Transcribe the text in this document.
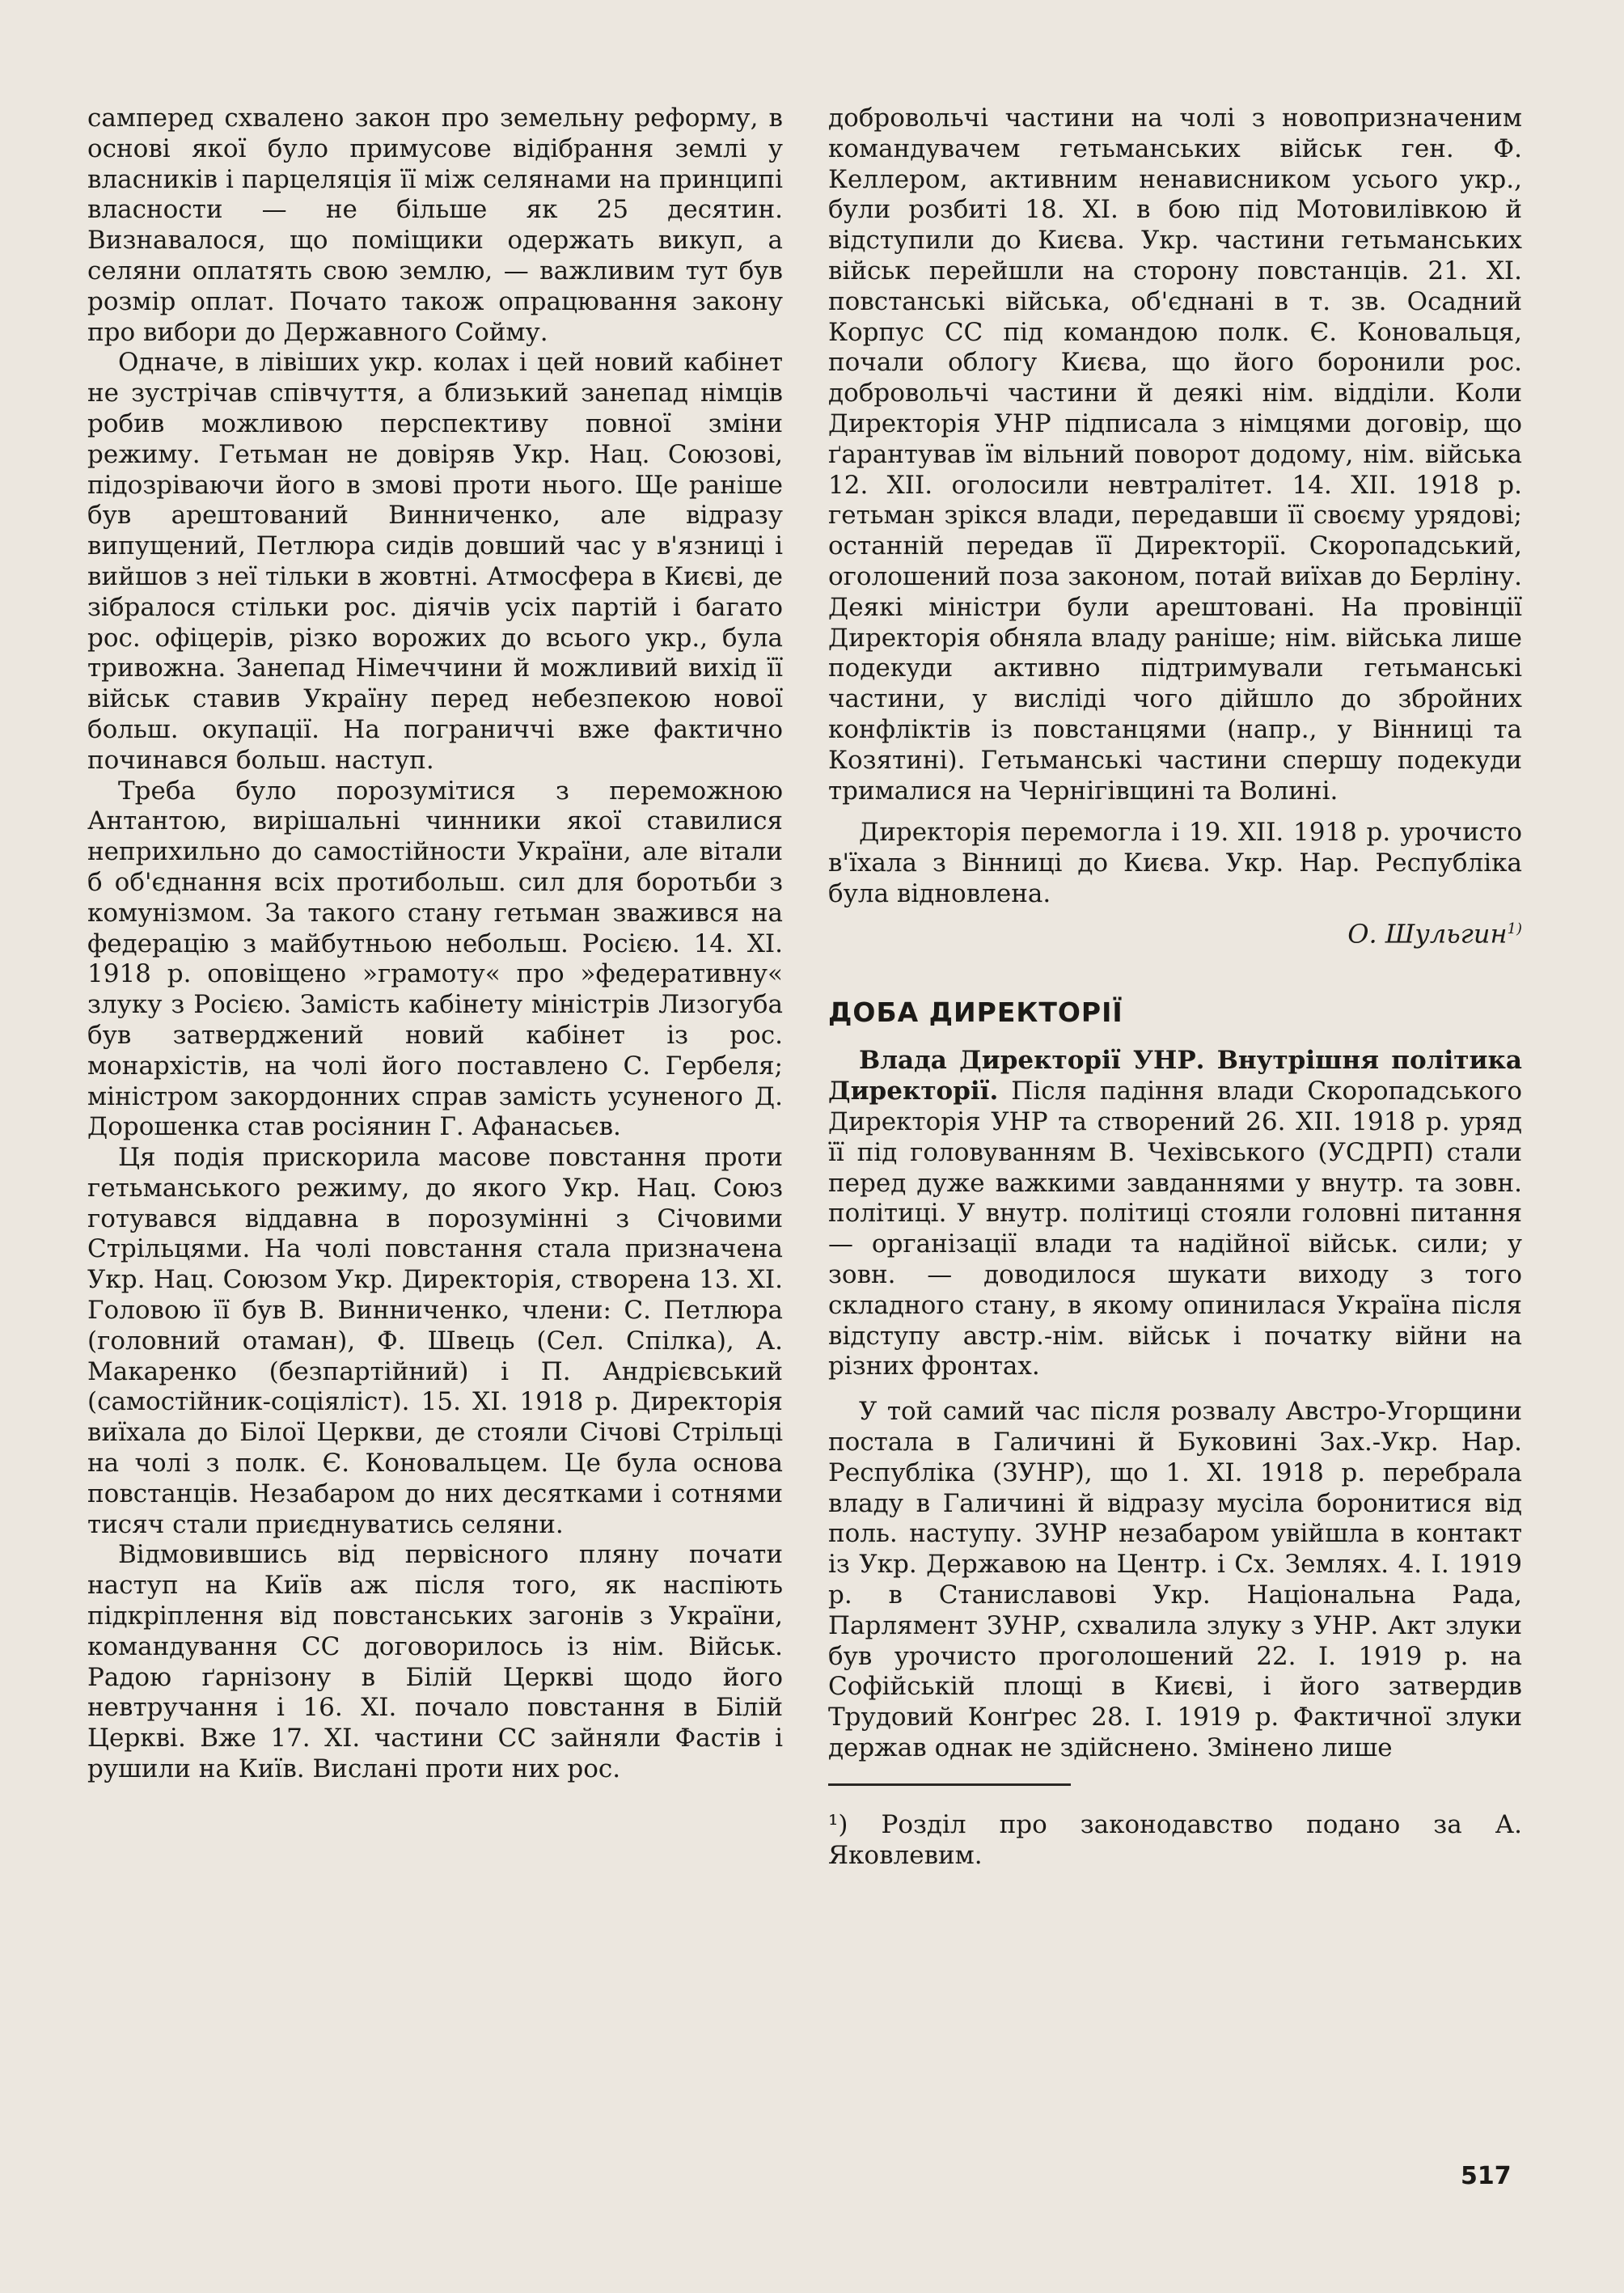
самперед схвалено закон про земельну реформу, в основі якої було примусове відібрання землі у власників і парцеляція її між селянами на принципі власности — не більше як 25 десятин. Визнавалося, що поміщики одержать викуп, а селяни оплатять свою землю, — важливим тут був розмір оплат. Почато також опрацювання закону про вибори до Державного Сойму.

Одначе, в лівіших укр. колах і цей новий кабінет не зустрічав співчуття, а близький занепад німців робив можливою перспективу повної зміни режиму. Гетьман не довіряв Укр. Нац. Союзові, підозріваючи його в змові проти нього. Ще раніше був арештований Винниченко, але відразу випущений, Петлюра сидів довший час у в'язниці і вийшов з неї тільки в жовтні. Атмосфера в Києві, де зібралося стільки рос. діячів усіх партій і багато рос. офіцерів, різко ворожих до всього укр., була тривожна. Занепад Німеччини й можливий вихід її військ ставив Україну перед небезпекою нової больш. окупації. На пограниччі вже фактично починався больш. наступ.

Треба було порозумітися з переможною Антантою, вирішальні чинники якої ставилися неприхильно до самостійности України, але вітали б об'єднання всіх протибольш. сил для боротьби з комунізмом. За такого стану гетьман зважився на федерацію з майбутньою небольш. Росією. 14. XI. 1918 р. оповіщено »грамоту« про »федеративну« злуку з Росією. Замість кабінету міністрів Лизогуба був затверджений новий кабінет із рос. монархістів, на чолі його поставлено С. Гербеля; міністром закордонних справ замість усуненого Д. Дорошенка став росіянин Г. Афанасьєв.

Ця подія прискорила масове повстання проти гетьманського режиму, до якого Укр. Нац. Союз готувався віддавна в порозумінні з Січовими Стрільцями. На чолі повстання стала призначена Укр. Нац. Союзом Укр. Директорія, створена 13. XI. Головою її був В. Винниченко, члени: С. Петлюра (головний отаман), Ф. Швець (Сел. Спілка), А. Макаренко (безпартійний) і П. Андрієвський (самостійник-соціяліст). 15. XI. 1918 р. Директорія виїхала до Білої Церкви, де стояли Січові Стрільці на чолі з полк. Є. Коновальцем. Це була основа повстанців. Незабаром до них десятками і сотнями тисяч стали приєднуватись селяни.

Відмовившись від первісного пляну почати наступ на Київ аж після того, як наспіють підкріплення від повстанських загонів з України, командування СС договорилось із нім. Військ. Радою ґарнізону в Білій Церкві щодо його невтручання і 16. XI. почало повстання в Білій Церкві. Вже 17. XI. частини СС зайняли Фастів і рушили на Київ. Вислані проти них рос.

добровольчі частини на чолі з новопризначеним командувачем гетьманських військ ген. Ф. Келлером, активним ненависником усього укр., були розбиті 18. XI. в бою під Мотовилівкою й відступили до Києва. Укр. частини гетьманських військ перейшли на сторону повстанців. 21. XI. повстанські війська, об'єднані в т. зв. Осадний Корпус СС під командою полк. Є. Коновальця, почали облогу Києва, що його боронили рос. добровольчі частини й деякі нім. відділи. Коли Директорія УНР підписала з німцями договір, що ґарантував їм вільний поворот додому, нім. війська 12. XII. оголосили невтралітет. 14. XII. 1918 р. гетьман зрікся влади, передавши її своєму урядові; останній передав її Директорії. Скоропадський, оголошений поза законом, потай виїхав до Берліну. Деякі міністри були арештовані. На провінції Директорія обняла владу раніше; нім. війська лише подекуди активно підтримували гетьманські частини, у висліді чого дійшло до збройних конфліктів із повстанцями (напр., у Вінниці та Козятині). Гетьманські частини спершу подекуди трималися на Чернігівщині та Волині.

Директорія перемогла і 19. XII. 1918 р. урочисто в'їхала з Вінниці до Києва. Укр. Нар. Республіка була відновлена.

О. Шульгин$^{1)}$
ДОБА ДИРЕКТОРІЇ

Влада Директорії УНР. Внутрішня політика Директорії. Після падіння влади Скоропадського Директорія УНР та створений 26. XII. 1918 р. уряд її під головуванням В. Чехівського (УСДРП) стали перед дуже важкими завданнями у внутр. та зовн. політиці. У внутр. політиці стояли головні питання — організації влади та надійної військ. сили; у зовн. — доводилося шукати виходу з того складного стану, в якому опинилася Україна після відступу австр.-нім. військ і початку війни на різних фронтах.

У той самий час після розвалу Австро-Угорщини постала в Галичині й Буковині Зах.-Укр. Нар. Республіка (ЗУНР), що 1. XI. 1918 р. перебрала владу в Галичині й відразу мусіла боронитися від поль. наступу. ЗУНР незабаром увійшла в контакт із Укр. Державою на Центр. і Сх. Землях. 4. I. 1919 р. в Станиславові Укр. Національна Рада, Парлямент ЗУНР, схвалила злуку з УНР. Акт злуки був урочисто проголошений 22. I. 1919 р. на Софійській площі в Києві, і його затвердив Трудовий Конґрес 28. I. 1919 р. Фактичної злуки держав однак не здійснено. Змінено лише

¹) Розділ про законодавство подано за А. Яковлевим.

517
